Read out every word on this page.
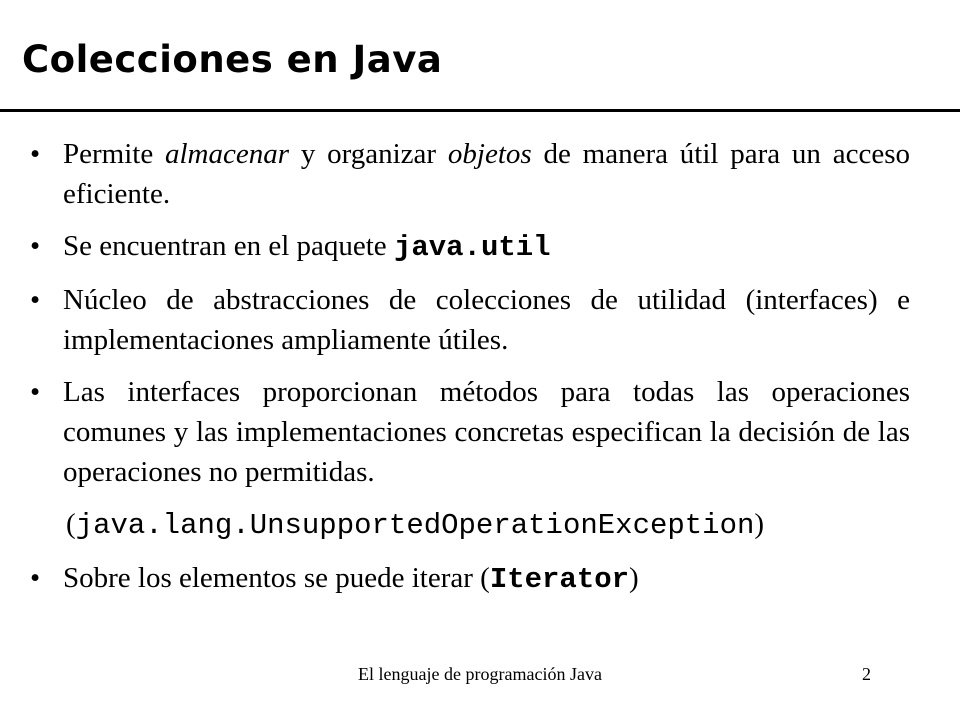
Colecciones en Java
• Permite almacenar y organizar objetos de manera útil para un acceso eficiente.
• Se encuentran en el paquete java.util
• Núcleo de abstracciones de colecciones de utilidad (interfaces) e implementaciones ampliamente útiles.
• Las interfaces proporcionan métodos para todas las operaciones comunes y las implementaciones concretas especifican la decisión de las operaciones no permitidas.
(java.lang.UnsupportedOperationException)
• Sobre los elementos se puede iterar (Iterator)
El lenguaje de programación Java	2
